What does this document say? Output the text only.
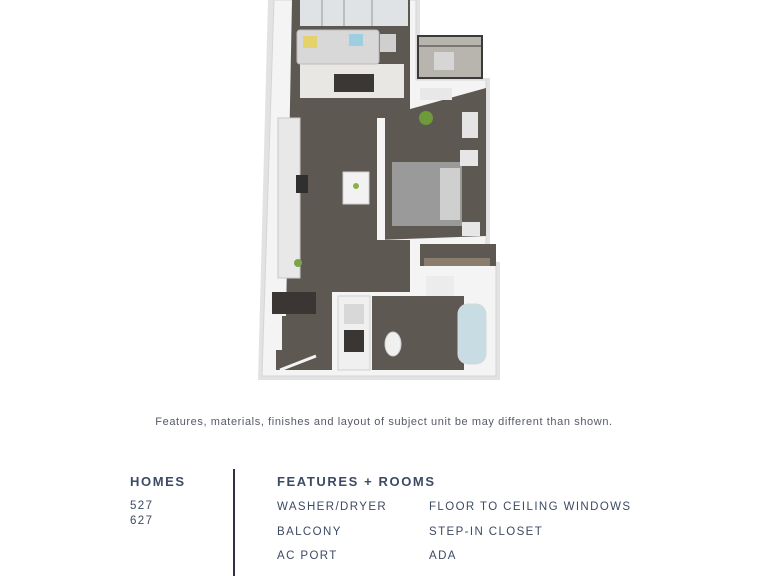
Features, materials, finishes and layout of subject unit be may different than shown.
HOMES
527
627
FEATURES + ROOMS
WASHER/DRYER	FLOOR TO CEILING WINDOWS
BALCONY	STEP-IN CLOSET
AC PORT	ADA
